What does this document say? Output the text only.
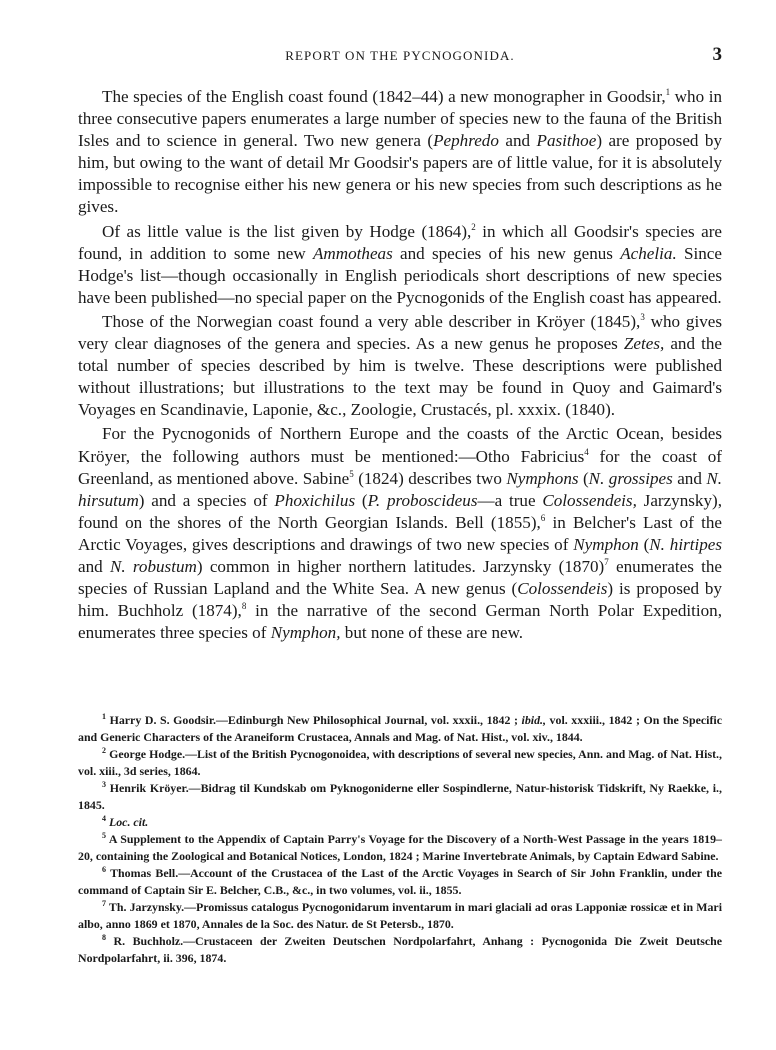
REPORT ON THE PYCNOGONIDA.	3

The species of the English coast found (1842–44) a new monographer in Goodsir,$^1$ who in three consecutive papers enumerates a large number of species new to the fauna of the British Isles and to science in general. Two new genera (Pephredo and Pasithoe) are proposed by him, but owing to the want of detail Mr Goodsir's papers are of little value, for it is absolutely impossible to recognise either his new genera or his new species from such descriptions as he gives.

Of as little value is the list given by Hodge (1864),$^2$ in which all Goodsir's species are found, in addition to some new Ammotheas and species of his new genus Achelia. Since Hodge's list—though occasionally in English periodicals short descriptions of new species have been published—no special paper on the Pycnogonids of the English coast has appeared.

Those of the Norwegian coast found a very able describer in Kröyer (1845),$^3$ who gives very clear diagnoses of the genera and species. As a new genus he proposes Zetes, and the total number of species described by him is twelve. These descriptions were published without illustrations; but illustrations to the text may be found in Quoy and Gaimard's Voyages en Scandinavie, Laponie, &c., Zoologie, Crustacés, pl. xxxix. (1840).

For the Pycnogonids of Northern Europe and the coasts of the Arctic Ocean, besides Kröyer, the following authors must be mentioned:—Otho Fabricius$^4$ for the coast of Greenland, as mentioned above. Sabine$^5$ (1824) describes two Nymphons (N. grossipes and N. hirsutum) and a species of Phoxichilus (P. proboscideus—a true Colossendeis, Jarzynsky), found on the shores of the North Georgian Islands. Bell (1855),$^6$ in Belcher's Last of the Arctic Voyages, gives descriptions and drawings of two new species of Nymphon (N. hirtipes and N. robustum) common in higher northern latitudes. Jarzynsky $(1870)^7$ enumerates the species of Russian Lapland and the White Sea. A new genus (Colossendeis) is proposed by him. Buchholz (1874),$^8$ in the narrative of the second German North Polar Expedition, enumerates three species of Nymphon, but none of these are new.

$^1$ Harry D. S. Goodsir.—Edinburgh New Philosophical Journal, vol. xxxii., 1842 ; ibid., vol. xxxiii., 1842 ; On the Specific and Generic Characters of the Araneiform Crustacea, Annals and Mag. of Nat. Hist., vol. xiv., 1844.

$^2$ George Hodge.—List of the British Pycnogonoidea, with descriptions of several new species, Ann. and Mag. of Nat. Hist., vol. xiii., 3d series, 1864.

$^3$ Henrik Kröyer.—Bidrag til Kundskab om Pyknogoniderne eller Sospindlerne, Natur-historisk Tidskrift, Ny Raekke, i., 1845.

$^4$ Loc. cit.

$^5$ A Supplement to the Appendix of Captain Parry's Voyage for the Discovery of a North-West Passage in the years 1819–20, containing the Zoological and Botanical Notices, London, 1824 ; Marine Invertebrate Animals, by Captain Edward Sabine.

$^6$ Thomas Bell.—Account of the Crustacea of the Last of the Arctic Voyages in Search of Sir John Franklin, under the command of Captain Sir E. Belcher, C.B., &c., in two volumes, vol. ii., 1855.

$^7$ Th. Jarzynsky.—Promissus catalogus Pycnogonidarum inventarum in mari glaciali ad oras Lapponiæ rossicæ et in Mari albo, anno 1869 et 1870, Annales de la Soc. des Natur. de St Petersb., 1870.

$^8$ R. Buchholz.—Crustaceen der Zweiten Deutschen Nordpolarfahrt, Anhang : Pycnogonida Die Zweit Deutsche Nordpolarfahrt, ii. 396, 1874.
